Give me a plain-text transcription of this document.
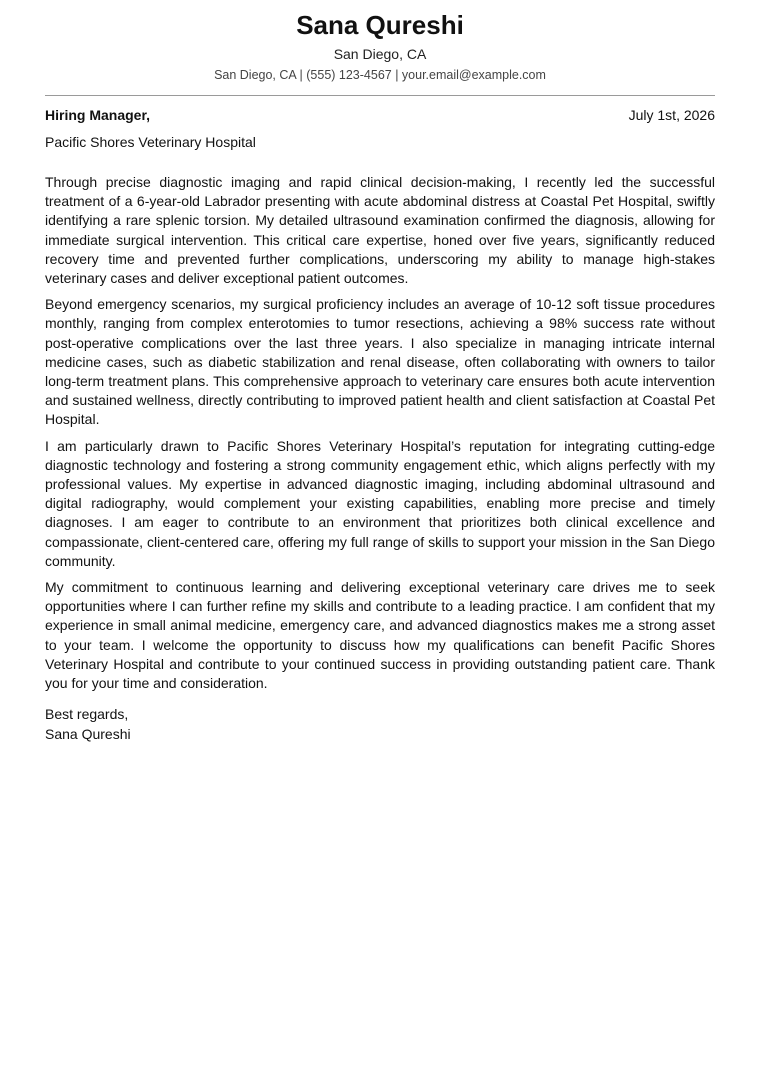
Sana Qureshi
San Diego, CA
San Diego, CA | (555) 123-4567 | your.email@example.com
Hiring Manager,	July 1st, 2026
Pacific Shores Veterinary Hospital

Through precise diagnostic imaging and rapid clinical decision-making, I recently led the successful treatment of a 6-year-old Labrador presenting with acute abdominal distress at Coastal Pet Hospital, swiftly identifying a rare splenic torsion. My detailed ultrasound examination confirmed the diagnosis, allowing for immediate surgical intervention. This critical care expertise, honed over five years, significantly reduced recovery time and prevented further complications, underscoring my ability to manage high-stakes veterinary cases and deliver exceptional patient outcomes.

Beyond emergency scenarios, my surgical proficiency includes an average of 10-12 soft tissue procedures monthly, ranging from complex enterotomies to tumor resections, achieving a 98% success rate without post-operative complications over the last three years. I also specialize in managing intricate internal medicine cases, such as diabetic stabilization and renal disease, often collaborating with owners to tailor long-term treatment plans. This comprehensive approach to veterinary care ensures both acute intervention and sustained wellness, directly contributing to improved patient health and client satisfaction at Coastal Pet Hospital.

I am particularly drawn to Pacific Shores Veterinary Hospital’s reputation for integrating cutting-edge diagnostic technology and fostering a strong community engagement ethic, which aligns perfectly with my professional values. My expertise in advanced diagnostic imaging, including abdominal ultrasound and digital radiography, would complement your existing capabilities, enabling more precise and timely diagnoses. I am eager to contribute to an environment that prioritizes both clinical excellence and compassionate, client-centered care, offering my full range of skills to support your mission in the San Diego community.

My commitment to continuous learning and delivering exceptional veterinary care drives me to seek opportunities where I can further refine my skills and contribute to a leading practice. I am confident that my experience in small animal medicine, emergency care, and advanced diagnostics makes me a strong asset to your team. I welcome the opportunity to discuss how my qualifications can benefit Pacific Shores Veterinary Hospital and contribute to your continued success in providing outstanding patient care. Thank you for your time and consideration.

Best regards,
Sana Qureshi
